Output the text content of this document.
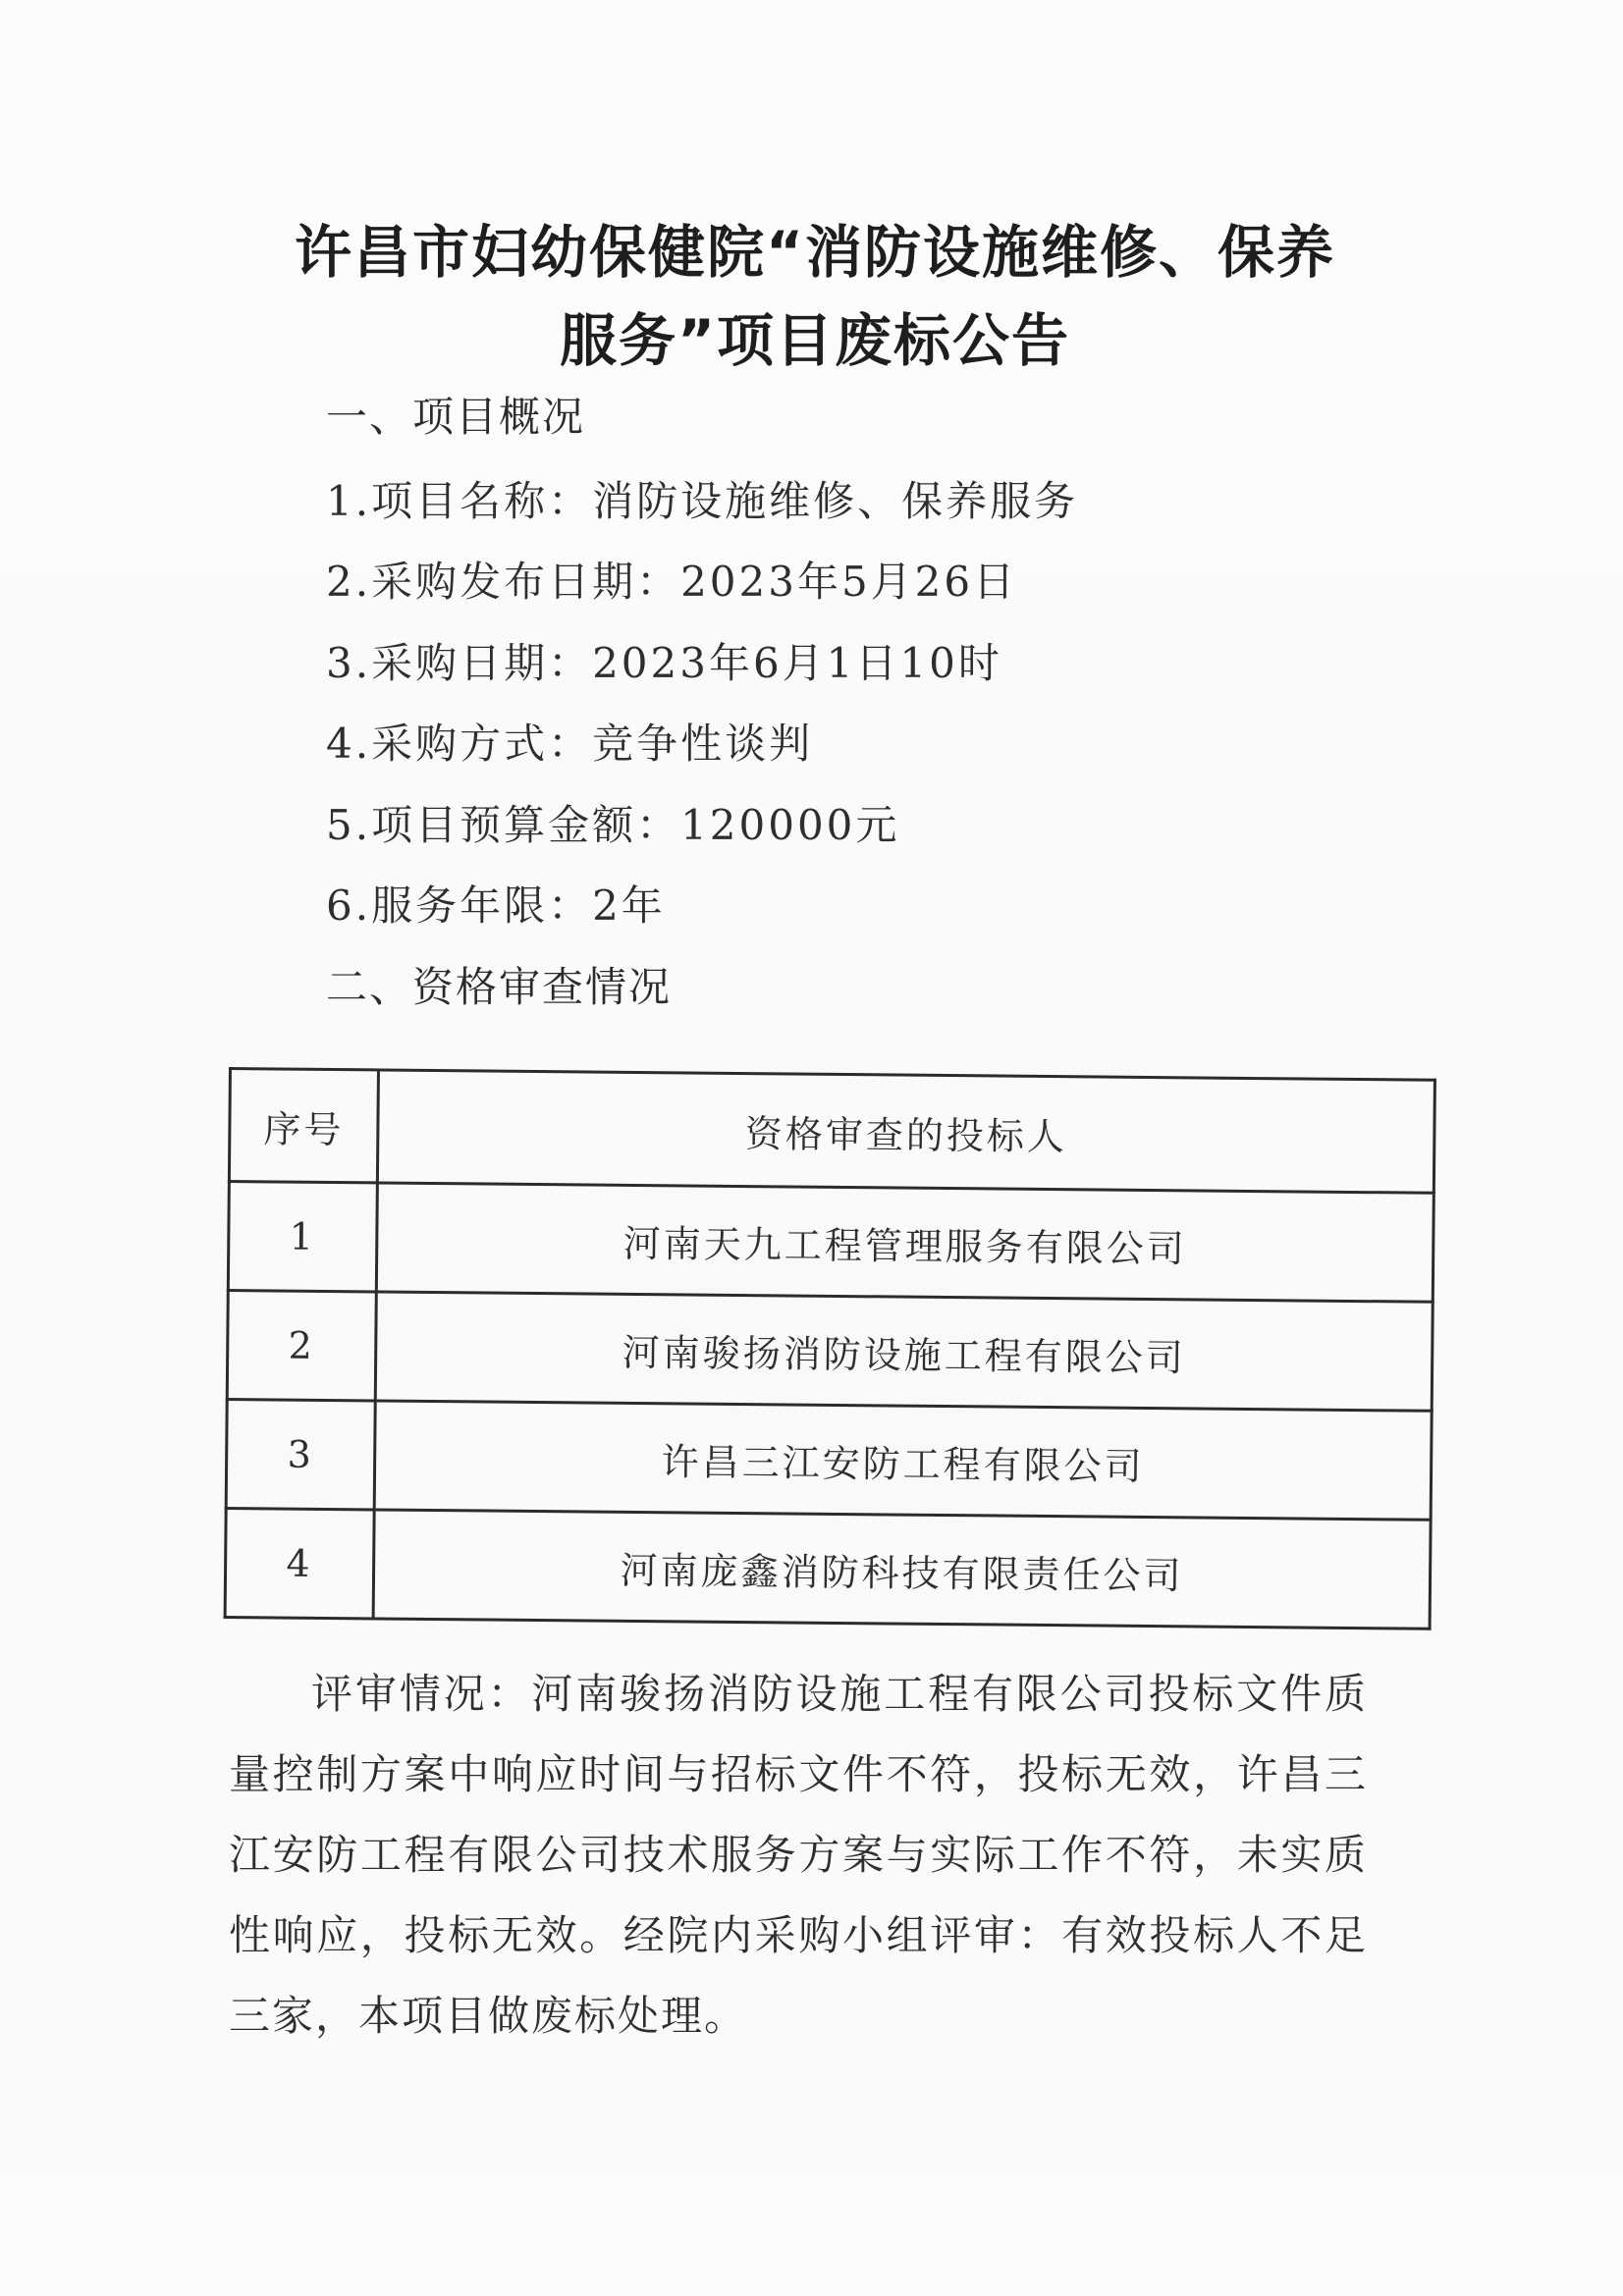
许昌市妇幼保健院“消防设施维修、保养
服务”项目废标公告
一、项目概况
1.项目名称：消防设施维修、保养服务
2.采购发布日期：2023年5月26日
3.采购日期：2023年6月1日10时
4.采购方式：竞争性谈判
5.项目预算金额：120000元
6.服务年限：2年
二、资格审查情况
序号	资格审查的投标人
1	河南天九工程管理服务有限公司
2	河南骏扬消防设施工程有限公司
3	许昌三江安防工程有限公司
4	河南庞鑫消防科技有限责任公司
评审情况：河南骏扬消防设施工程有限公司投标文件质量控制方案中响应时间与招标文件不符，投标无效，许昌三江安防工程有限公司技术服务方案与实际工作不符，未实质性响应，投标无效。经院内采购小组评审：有效投标人不足三家，本项目做废标处理。
